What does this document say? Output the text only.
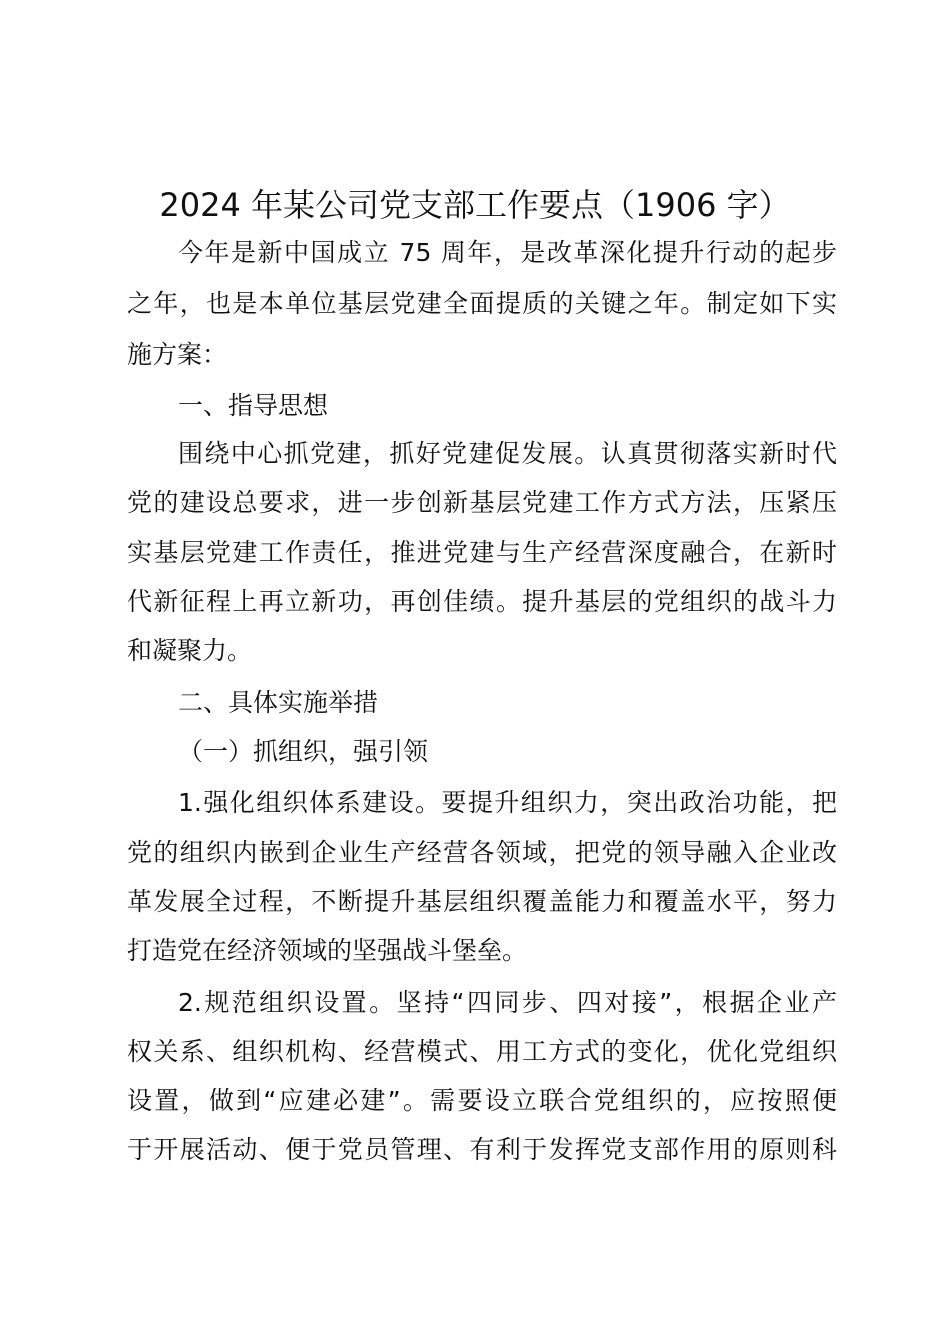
2024 年某公司党支部工作要点（1906 字）
今年是新中国成立 75 周年，是改革深化提升行动的起步
之年，也是本单位基层党建全面提质的关键之年。制定如下实
施方案：
一、指导思想
围绕中心抓党建，抓好党建促发展。认真贯彻落实新时代
党的建设总要求，进一步创新基层党建工作方式方法，压紧压
实基层党建工作责任，推进党建与生产经营深度融合，在新时
代新征程上再立新功，再创佳绩。提升基层的党组织的战斗力
和凝聚力。
二、具体实施举措
（一）抓组织，强引领
1.强化组织体系建设。要提升组织力，突出政治功能，把
党的组织内嵌到企业生产经营各领域，把党的领导融入企业改
革发展全过程，不断提升基层组织覆盖能力和覆盖水平，努力
打造党在经济领域的坚强战斗堡垒。
2.规范组织设置。坚持“四同步、四对接”，根据企业产
权关系、组织机构、经营模式、用工方式的变化，优化党组织
设置，做到“应建必建”。需要设立联合党组织的，应按照便
于开展活动、便于党员管理、有利于发挥党支部作用的原则科
